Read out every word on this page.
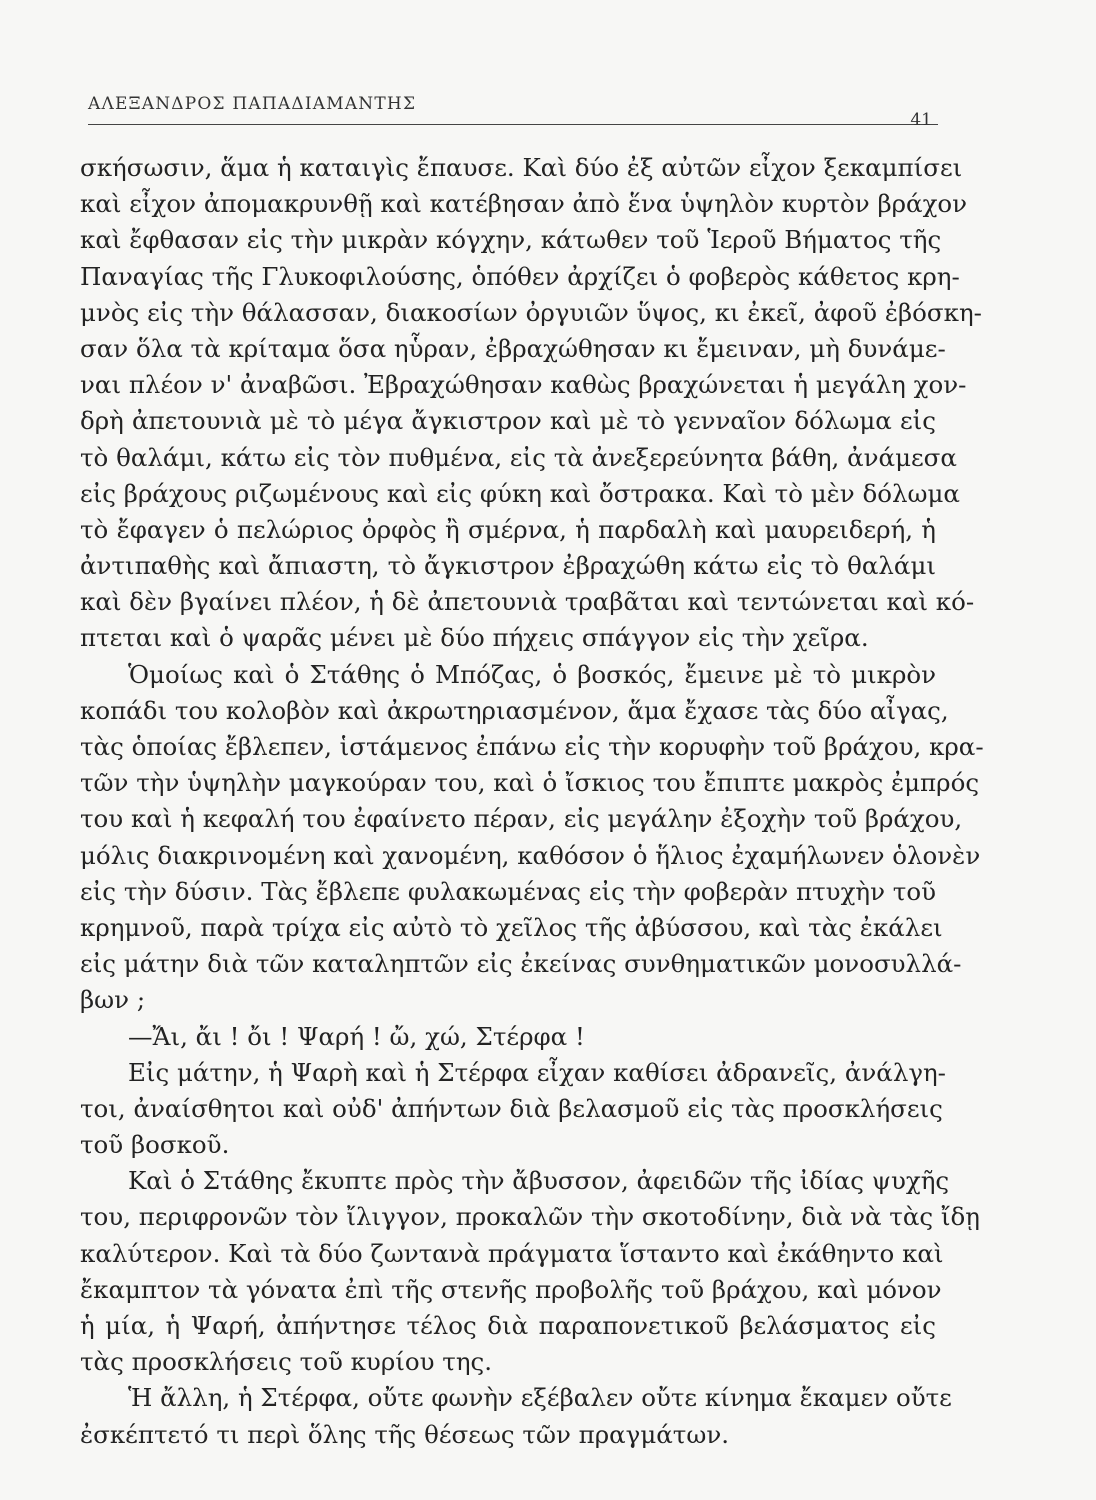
ΑΛΕΞΑΝΔΡΟΣ ΠΑΠΑΔΙΑΜΑΝΤΗΣ
41
σκήσωσιν, ἅμα ἡ καταιγὶς ἔπαυσε. Καὶ δύο ἐξ αὐτῶν εἶχον ξεκαμπίσει
καὶ εἶχον ἀπομακρυνθῇ καὶ κατέβησαν ἀπὸ ἕνα ὑψηλὸν κυρτὸν βράχον
καὶ ἔφθασαν εἰς τὴν μικρὰν κόγχην, κάτωθεν τοῦ Ἱεροῦ Βήματος τῆς
Παναγίας τῆς Γλυκοφιλούσης, ὁπόθεν ἀρχίζει ὁ φοβερὸς κάθετος κρη-
μνὸς εἰς τὴν θάλασσαν, διακοσίων ὀργυιῶν ὕψος, κι ἐκεῖ, ἀφοῦ ἐβόσκη-
σαν ὅλα τὰ κρίταμα ὅσα ηὗραν, ἐβραχώθησαν κι ἔμειναν, μὴ δυνάμε-
ναι πλέον ν' ἀναβῶσι. Ἐβραχώθησαν καθὼς βραχώνεται ἡ μεγάλη χον-
δρὴ ἀπετουνιὰ μὲ τὸ μέγα ἄγκιστρον καὶ μὲ τὸ γενναῖον δόλωμα εἰς
τὸ θαλάμι, κάτω εἰς τὸν πυθμένα, εἰς τὰ ἀνεξερεύνητα βάθη, ἀνάμεσα
εἰς βράχους ριζωμένους καὶ εἰς φύκη καὶ ὄστρακα. Καὶ τὸ μὲν δόλωμα
τὸ ἔφαγεν ὁ πελώριος ὀρφὸς ἢ σμέρνα, ἡ παρδαλὴ καὶ μαυρειδερή, ἡ
ἀντιπαθὴς καὶ ἄπιαστη, τὸ ἄγκιστρον ἐβραχώθη κάτω εἰς τὸ θαλάμι
καὶ δὲν βγαίνει πλέον, ἡ δὲ ἀπετουνιὰ τραβᾶται καὶ τεντώνεται καὶ κό-
πτεται καὶ ὁ ψαρᾶς μένει μὲ δύο πήχεις σπάγγον εἰς τὴν χεῖρα.
Ὁμοίως καὶ ὁ Στάθης ὁ Μπόζας, ὁ βοσκός, ἔμεινε μὲ τὸ μικρὸν
κοπάδι του κολοβὸν καὶ ἀκρωτηριασμένον, ἅμα ἔχασε τὰς δύο αἶγας,
τὰς ὁποίας ἔβλεπεν, ἱστάμενος ἐπάνω εἰς τὴν κορυφὴν τοῦ βράχου, κρα-
τῶν τὴν ὑψηλὴν μαγκούραν του, καὶ ὁ ἴσκιος του ἔπιπτε μακρὸς ἐμπρός
του καὶ ἡ κεφαλή του ἐφαίνετο πέραν, εἰς μεγάλην ἐξοχὴν τοῦ βράχου,
μόλις διακρινομένη καὶ χανομένη, καθόσον ὁ ἥλιος ἐχαμήλωνεν ὁλονὲν
εἰς τὴν δύσιν. Τὰς ἔβλεπε φυλακωμένας εἰς τὴν φοβερὰν πτυχὴν τοῦ
κρημνοῦ, παρὰ τρίχα εἰς αὐτὸ τὸ χεῖλος τῆς ἀβύσσου, καὶ τὰς ἐκάλει
εἰς μάτην διὰ τῶν καταληπτῶν εἰς ἐκείνας συνθηματικῶν μονοσυλλά-
βων ;
—Ἄι, ἄι ! ὄι ! Ψαρή ! ὤ, χώ, Στέρφα !
Εἰς μάτην, ἡ Ψαρὴ καὶ ἡ Στέρφα εἶχαν καθίσει ἀδρανεῖς, ἀνάλγη-
τοι, ἀναίσθητοι καὶ οὐδ' ἀπήντων διὰ βελασμοῦ εἰς τὰς προσκλήσεις
τοῦ βοσκοῦ.
Καὶ ὁ Στάθης ἔκυπτε πρὸς τὴν ἄβυσσον, ἀφειδῶν τῆς ἰδίας ψυχῆς
του, περιφρονῶν τὸν ἴλιγγον, προκαλῶν τὴν σκοτοδίνην, διὰ νὰ τὰς ἴδῃ
καλύτερον. Καὶ τὰ δύο ζωντανὰ πράγματα ἵσταντο καὶ ἐκάθηντο καὶ
ἔκαμπτον τὰ γόνατα ἐπὶ τῆς στενῆς προβολῆς τοῦ βράχου, καὶ μόνον
ἡ μία, ἡ Ψαρή, ἀπήντησε τέλος διὰ παραπονετικοῦ βελάσματος εἰς
τὰς προσκλήσεις τοῦ κυρίου της.
Ἡ ἄλλη, ἡ Στέρφα, οὔτε φωνὴν εξέβαλεν οὔτε κίνημα ἔκαμεν οὔτε
ἐσκέπτετό τι περὶ ὅλης τῆς θέσεως τῶν πραγμάτων.
